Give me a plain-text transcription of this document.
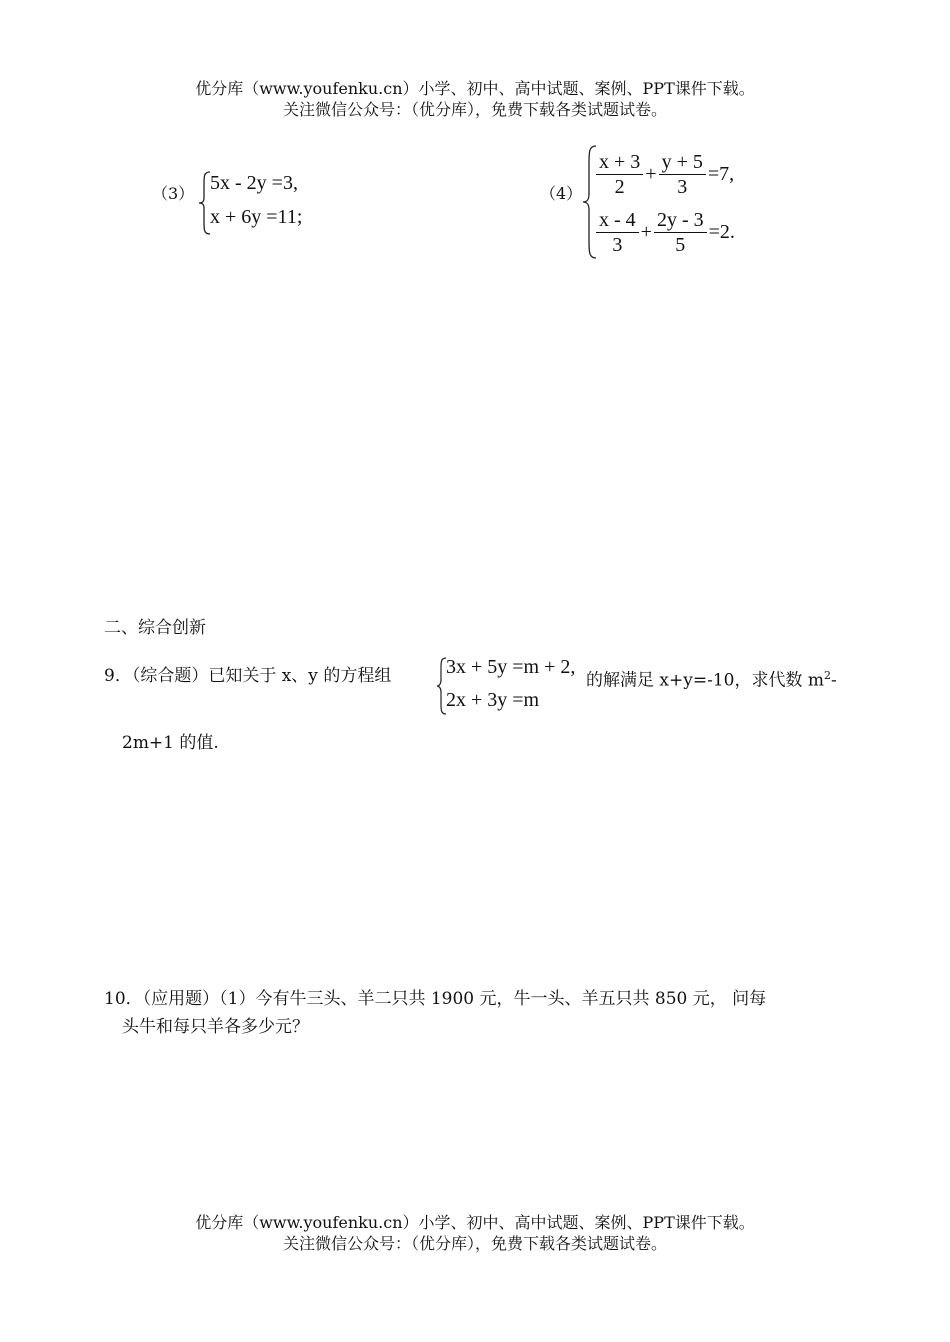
优分库（www.youfenku.cn）小学、初中、高中试题、案例、PPT课件下载。
关注微信公众号：（优分库），免费下载各类试题试卷。
（3） 5x - 2y =3,
x + 6y =11;
$(4) \frac{x + 3}{2} + \frac{y + 5}{3} =7$,
$\frac{x - 4}{3} + \frac{2y - 3}{5} =2$.
二、综合创新
9．（综合题）已知关于 x、y 的方程组	3x + 5y =m + 2,
2x + 3y =m
的解满足 x+y=-10，求代数 $m^2-$
2m+1 的值.
10．（应用题）（1）今有牛三头、羊二只共 1900 元，牛一头、羊五只共 850 元， 问每
头牛和每只羊各多少元？
优分库（www.youfenku.cn）小学、初中、高中试题、案例、PPT课件下载。
关注微信公众号：（优分库），免费下载各类试题试卷。
